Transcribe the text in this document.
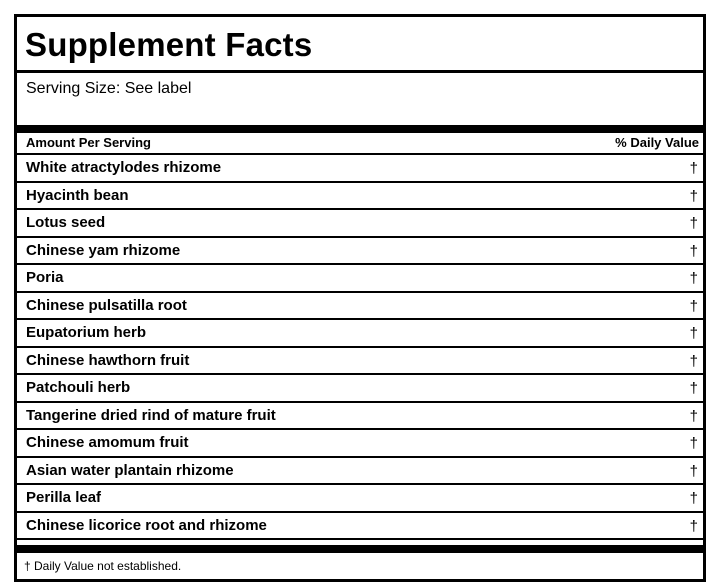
Supplement Facts
Serving Size: See label
Amount Per Serving	% Daily Value
White atractylodes rhizome	†
Hyacinth bean	†
Lotus seed	†
Chinese yam rhizome	†
Poria	†
Chinese pulsatilla root	†
Eupatorium herb	†
Chinese hawthorn fruit	†
Patchouli herb	†
Tangerine dried rind of mature fruit	†
Chinese amomum fruit	†
Asian water plantain rhizome	†
Perilla leaf	†
Chinese licorice root and rhizome	†
† Daily Value not established.
